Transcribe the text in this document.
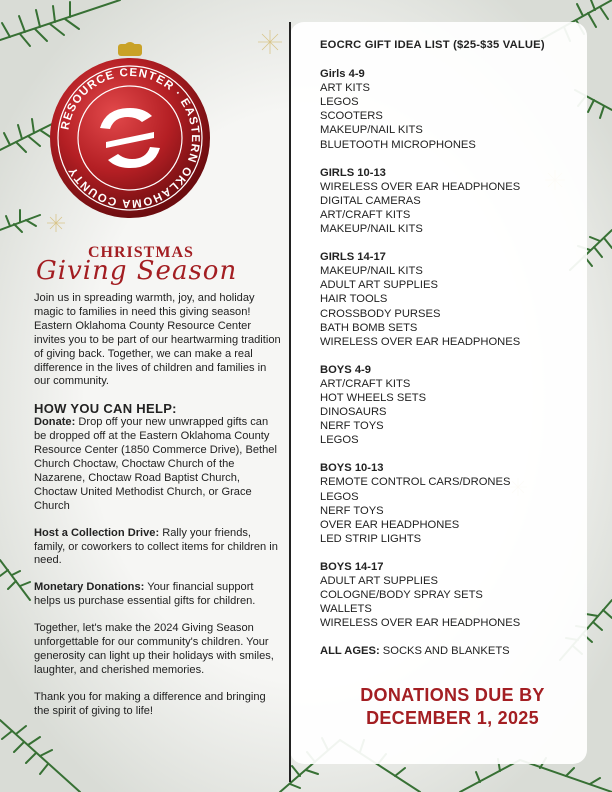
RESOURCE CENTER · EASTERN OKLAHOMA COUNTY
CHRISTMAS
Giving Season

Join us in spreading warmth, joy, and holiday magic to families in need this giving season! Eastern Oklahoma County Resource Center invites you to be part of our heartwarming tradition of giving back. Together, we can make a real difference in the lives of children and families in our community.

HOW YOU CAN HELP:

Donate: Drop off your new unwrapped gifts can be dropped off at the Eastern Oklahoma County Resource Center (1850 Commerce Drive), Bethel Church Choctaw, Choctaw Church of the Nazarene, Choctaw Road Baptist Church, Choctaw United Methodist Church, or Grace Church

Host a Collection Drive: Rally your friends, family, or coworkers to collect items for children in need.

Monetary Donations: Your financial support helps us purchase essential gifts for children.

Together, let's make the 2024 Giving Season unforgettable for our community's children. Your generosity can light up their holidays with smiles, laughter, and cherished memories.

Thank you for making a difference and bringing the spirit of giving to life!

EOCRC GIFT IDEA LIST ($25-$35 VALUE)
Girls 4-9
ART KITS
LEGOS
SCOOTERS
MAKEUP/NAIL KITS
BLUETOOTH MICROPHONES
GIRLS 10-13
WIRELESS OVER EAR HEADPHONES
DIGITAL CAMERAS
ART/CRAFT KITS
MAKEUP/NAIL KITS
GIRLS 14-17
MAKEUP/NAIL KITS
ADULT ART SUPPLIES
HAIR TOOLS
CROSSBODY PURSES
BATH BOMB SETS
WIRELESS OVER EAR HEADPHONES
BOYS 4-9
ART/CRAFT KITS
HOT WHEELS SETS
DINOSAURS
NERF TOYS
LEGOS
BOYS 10-13
REMOTE CONTROL CARS/DRONES
LEGOS
NERF TOYS
OVER EAR HEADPHONES
LED STRIP LIGHTS
BOYS 14-17
ADULT ART SUPPLIES
COLOGNE/BODY SPRAY SETS
WALLETS
WIRELESS OVER EAR HEADPHONES
ALL AGES: SOCKS AND BLANKETS
DONATIONS DUE BY
DECEMBER 1, 2025
